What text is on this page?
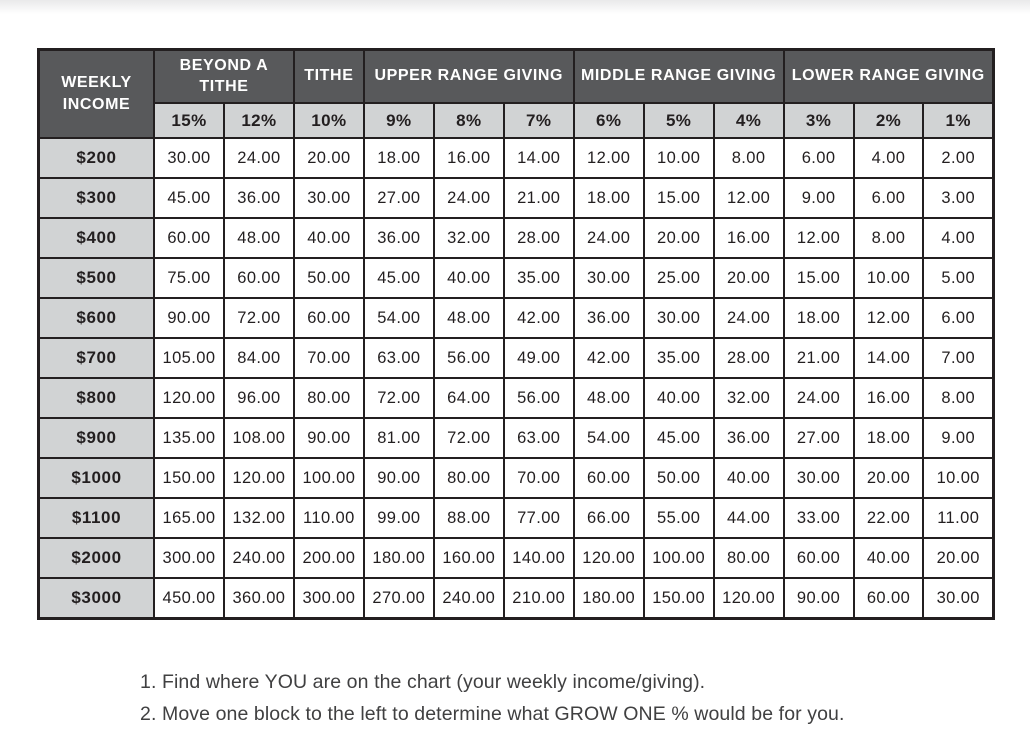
WEEKLY INCOME	BEYOND A TITHE		TITHE	UPPER RANGE GIVING			MIDDLE RANGE GIVING			LOWER RANGE GIVING		
	15%	12%	10%	9%	8%	7%	6%	5%	4%	3%	2%	1%
$200	30.00	24.00	20.00	18.00	16.00	14.00	12.00	10.00	8.00	6.00	4.00	2.00
$300	45.00	36.00	30.00	27.00	24.00	21.00	18.00	15.00	12.00	9.00	6.00	3.00
$400	60.00	48.00	40.00	36.00	32.00	28.00	24.00	20.00	16.00	12.00	8.00	4.00
$500	75.00	60.00	50.00	45.00	40.00	35.00	30.00	25.00	20.00	15.00	10.00	5.00
$600	90.00	72.00	60.00	54.00	48.00	42.00	36.00	30.00	24.00	18.00	12.00	6.00
$700	105.00	84.00	70.00	63.00	56.00	49.00	42.00	35.00	28.00	21.00	14.00	7.00
$800	120.00	96.00	80.00	72.00	64.00	56.00	48.00	40.00	32.00	24.00	16.00	8.00
$900	135.00	108.00	90.00	81.00	72.00	63.00	54.00	45.00	36.00	27.00	18.00	9.00
$1000	150.00	120.00	100.00	90.00	80.00	70.00	60.00	50.00	40.00	30.00	20.00	10.00
$1100	165.00	132.00	110.00	99.00	88.00	77.00	66.00	55.00	44.00	33.00	22.00	11.00
$2000	300.00	240.00	200.00	180.00	160.00	140.00	120.00	100.00	80.00	60.00	40.00	20.00
$3000	450.00	360.00	300.00	270.00	240.00	210.00	180.00	150.00	120.00	90.00	60.00	30.00
1. Find where YOU are on the chart (your weekly income/giving).
2. Move one block to the left to determine what GROW ONE % would be for you.
